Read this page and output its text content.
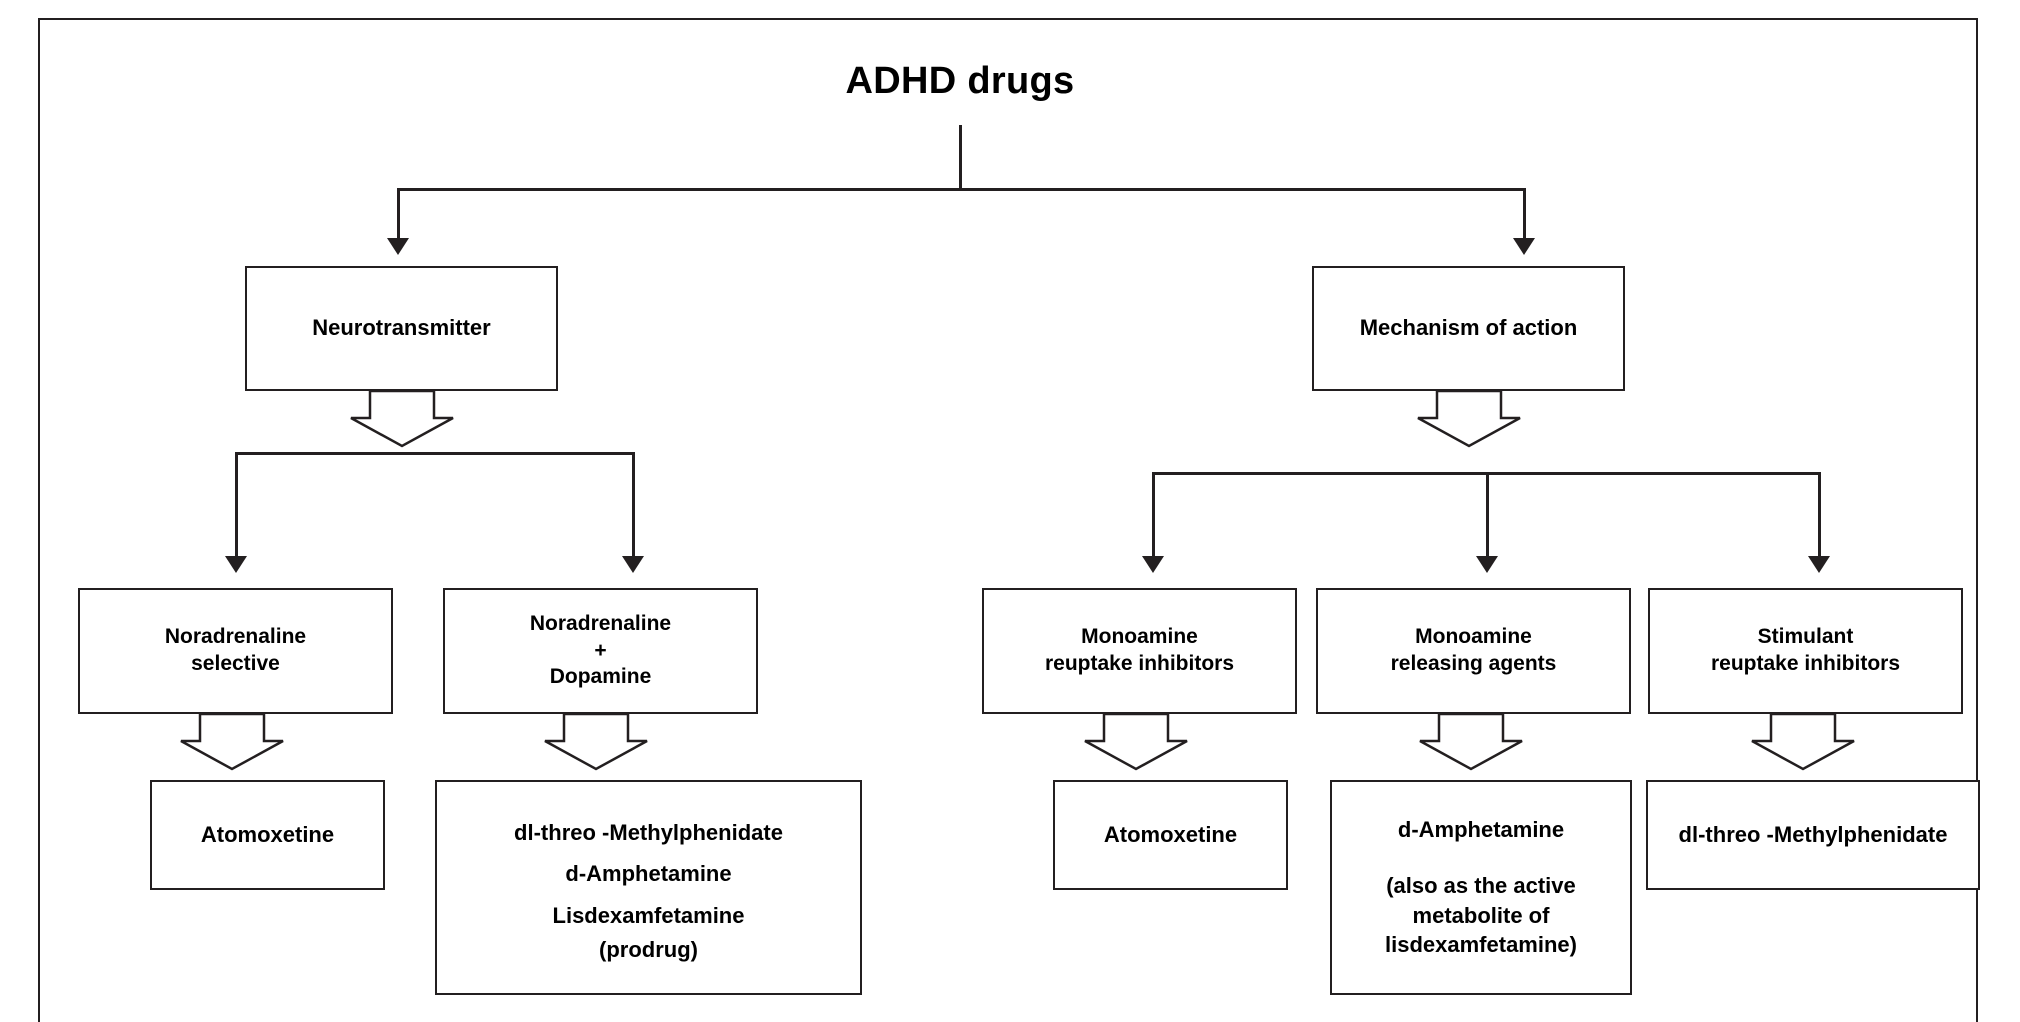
ADHD drugs
Neurotransmitter	Mechanism of action
Noradrenaline
selective
Noradrenaline
+
Dopamine
Monoamine
reuptake inhibitors
Monoamine
releasing agents
Stimulant
reuptake inhibitors
Atomoxetine	dl-threo -Methylphenidate
d-Amphetamine
Lisdexamfetamine
(prodrug)
Atomoxetine	d-Amphetamine
(also as the active
metabolite of
lisdexamfetamine)
dl-threo -Methylphenidate
